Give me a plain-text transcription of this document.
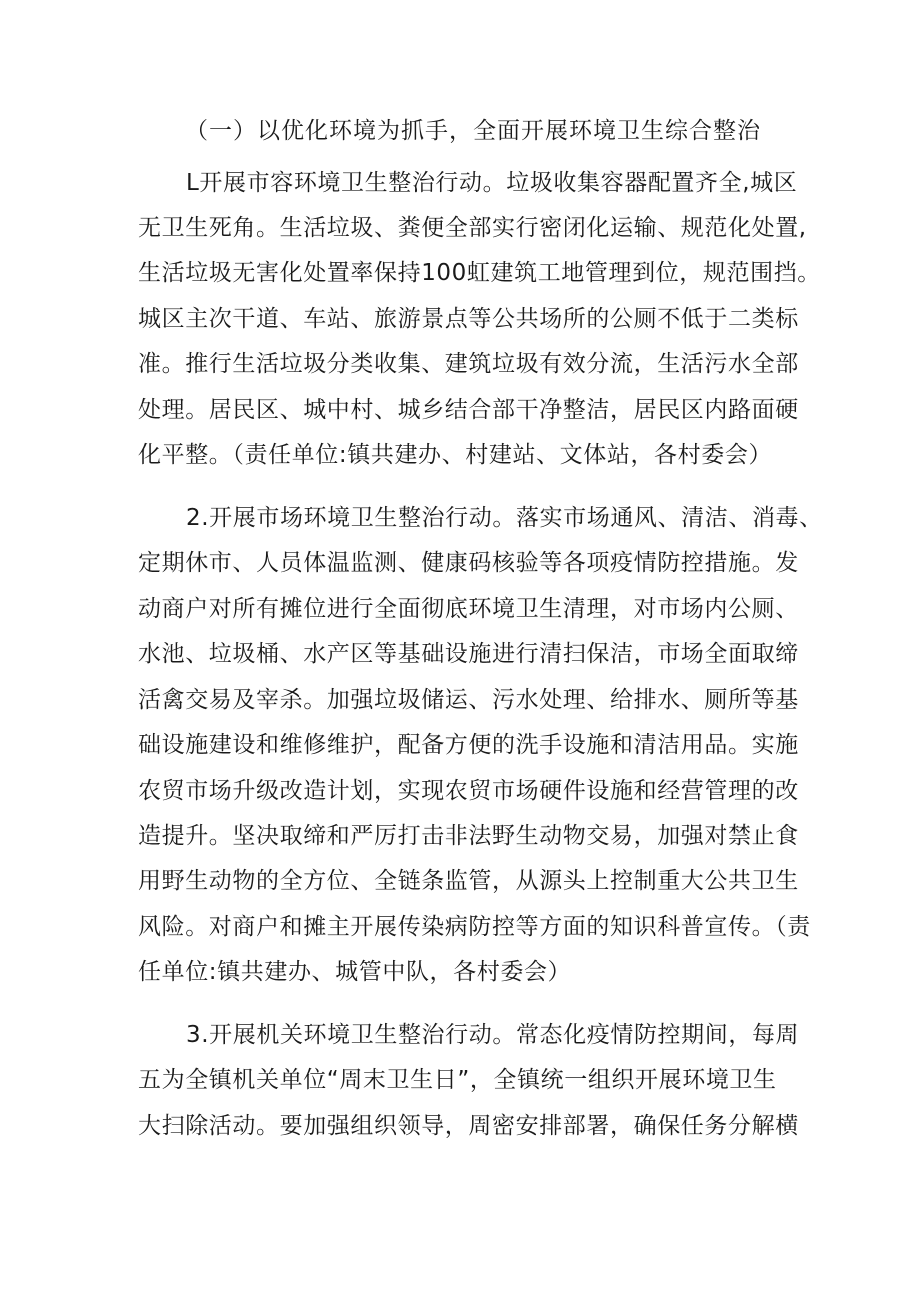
（一）以优化环境为抓手，全面开展环境卫生综合整治
L开展市容环境卫生整治行动。垃圾收集容器配置齐全,城区
无卫生死角。生活垃圾、粪便全部实行密闭化运输、规范化处置,
生活垃圾无害化处置率保持100虹建筑工地管理到位，规范围挡。
城区主次干道、车站、旅游景点等公共场所的公厕不低于二类标
准。推行生活垃圾分类收集、建筑垃圾有效分流，生活污水全部
处理。居民区、城中村、城乡结合部干净整洁，居民区内路面硬
化平整。（责任单位:镇共建办、村建站、文体站，各村委会）
2.开展市场环境卫生整治行动。落实市场通风、清洁、消毒、
定期休市、人员体温监测、健康码核验等各项疫情防控措施。发
动商户对所有摊位进行全面彻底环境卫生清理，对市场内公厕、
水池、垃圾桶、水产区等基础设施进行清扫保洁，市场全面取缔
活禽交易及宰杀。加强垃圾储运、污水处理、给排水、厕所等基
础设施建设和维修维护，配备方便的洗手设施和清洁用品。实施
农贸市场升级改造计划，实现农贸市场硬件设施和经营管理的改
造提升。坚决取缔和严厉打击非法野生动物交易，加强对禁止食
用野生动物的全方位、全链条监管，从源头上控制重大公共卫生
风险。对商户和摊主开展传染病防控等方面的知识科普宣传。（责
任单位:镇共建办、城管中队，各村委会）
3.开展机关环境卫生整治行动。常态化疫情防控期间，每周
五为全镇机关单位“周末卫生日”，全镇统一组织开展环境卫生
大扫除活动。要加强组织领导，周密安排部署，确保任务分解横
